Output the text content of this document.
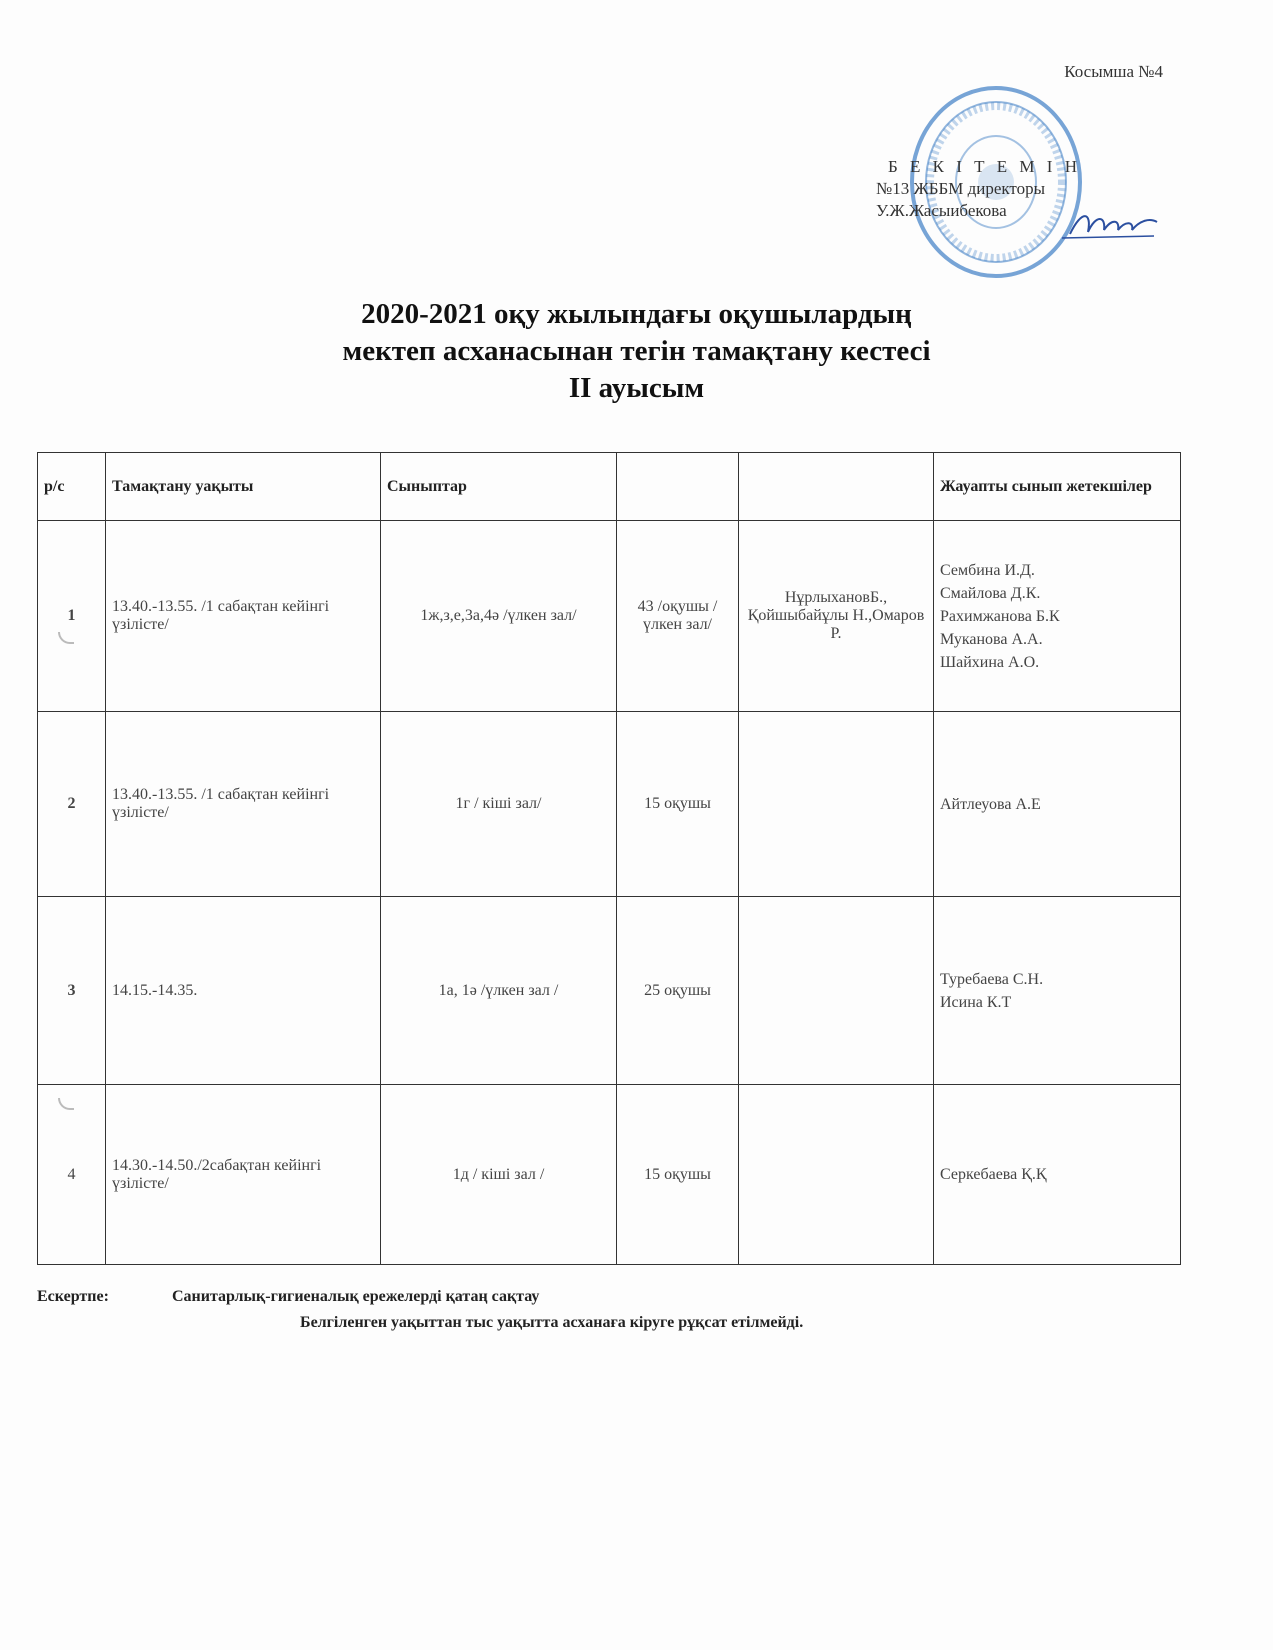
Косымша №4
Б Е К І Т Е М І Н
№13 ЖББМ директоры
У.Ж.Жасыибекова
2020-2021 оқу жылындағы оқушылардың
мектеп асханасынан тегін тамақтану кестесі
ІІ ауысым
р/с	Тамақтану уақыты	Сыныптар			Жауапты сынып жетекшілер
1	13.40.-13.55. /1 сабақтан кейінгі үзілісте/	1ж,з,е,3а,4ә /үлкен зал/	43 /оқушы /үлкен зал/	НұрлыхановБ., Қойшыбайұлы Н.,Омаров Р.	Сембина И.Д.
Смайлова Д.К.
Рахимжанова Б.К
Муканова А.А.
Шайхина А.О.

2	13.40.-13.55. /1 сабақтан кейінгі үзілісте/	1г / кіші зал/	15 оқушы		Айтлеуова А.Е

3	14.15.-14.35.	1а, 1ә /үлкен зал /	25 оқушы		Туребаева С.Н.
Исина К.Т

4	14.30.-14.50./2сабақтан кейінгі үзілісте/	1д / кіші зал /	15 оқушы		Серкебаева Қ.Қ
Ескертпе:	Санитарлық-гигиеналық ережелерді қатаң сақтау
Белгіленген уақыттан тыс уақытта асханаға кіруге рұқсат етілмейді.
